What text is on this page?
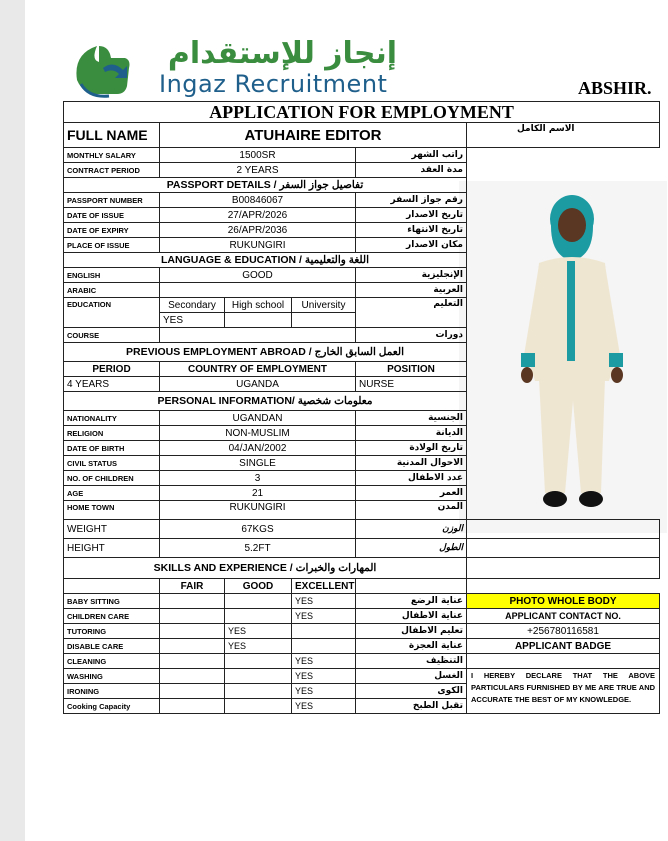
إنجاز للإستقدام
Ingaz Recruitment	ABSHIR.
APPLICATION FOR EMPLOYMENT					
FULL NAME	ATUHAIRE EDITOR				الاسم الكامل
MONTHLY SALARY	1500SR			راتب الشهر	
CONTRACT PERIOD	2 YEARS			مدة العقد	
PASSPORT DETAILS / تفاصيل جواز السفر					
PASSPORT NUMBER	B00846067			رقم جواز السفر	
DATE OF ISSUE	27/APR/2026			تاريخ الاصدار	
DATE OF EXPIRY	26/APR/2036			تاريخ الانتهاء	
PLACE OF ISSUE	RUKUNGIRI			مكان الاصدار	
LANGUAGE & EDUCATION / اللغة والتعليمية					
ENGLISH	GOOD			الإنجليزية	
ARABIC				العربية	
EDUCATION	Secondary	High school	University	التعليم	
	YES				
COURSE				دورات	
PREVIOUS EMPLOYMENT ABROAD / العمل السابق الخارج					
PERIOD	COUNTRY OF EMPLOYMENT			POSITION	
4 YEARS	UGANDA			NURSE	
PERSONAL INFORMATION/ معلومات شخصية					
NATIONALITY	UGANDAN			الجنسية	
RELIGION	NON-MUSLIM			الديانة	
DATE OF BIRTH	04/JAN/2002			تاريخ الولادة	
CIVIL STATUS	SINGLE			الاحوال المدنية	
NO. OF CHILDREN	3			عدد الاطفال	
AGE	21			العمر	
HOME TOWN	RUKUNGIRI			المدن	
WEIGHT	67KGS			الوزن	
HEIGHT	5.2FT			الطول	
SKILLS AND EXPERIENCE / المهارات والخبرات					
	FAIR	GOOD	EXCELLENT		
BABY SITTING			YES	عناية الرضع	PHOTO WHOLE BODY
CHILDREN CARE			YES	عناية الاطفال	APPLICANT CONTACT NO.
TUTORING		YES		تعليم الاطفال	+256780116581
DISABLE CARE		YES		عناية العجزة	APPLICANT BADGE
CLEANING			YES	التنظيف	
WASHING			YES	الغسل	I HEREBY DECLARE THAT THE ABOVE PARTICULARS FURNISHED BY ME ARE TRUE AND ACCURATE THE BEST OF MY KNOWLEDGE.
IRONING			YES	الكوى	
Cooking Capacity			YES	تقبل الطبخ	
